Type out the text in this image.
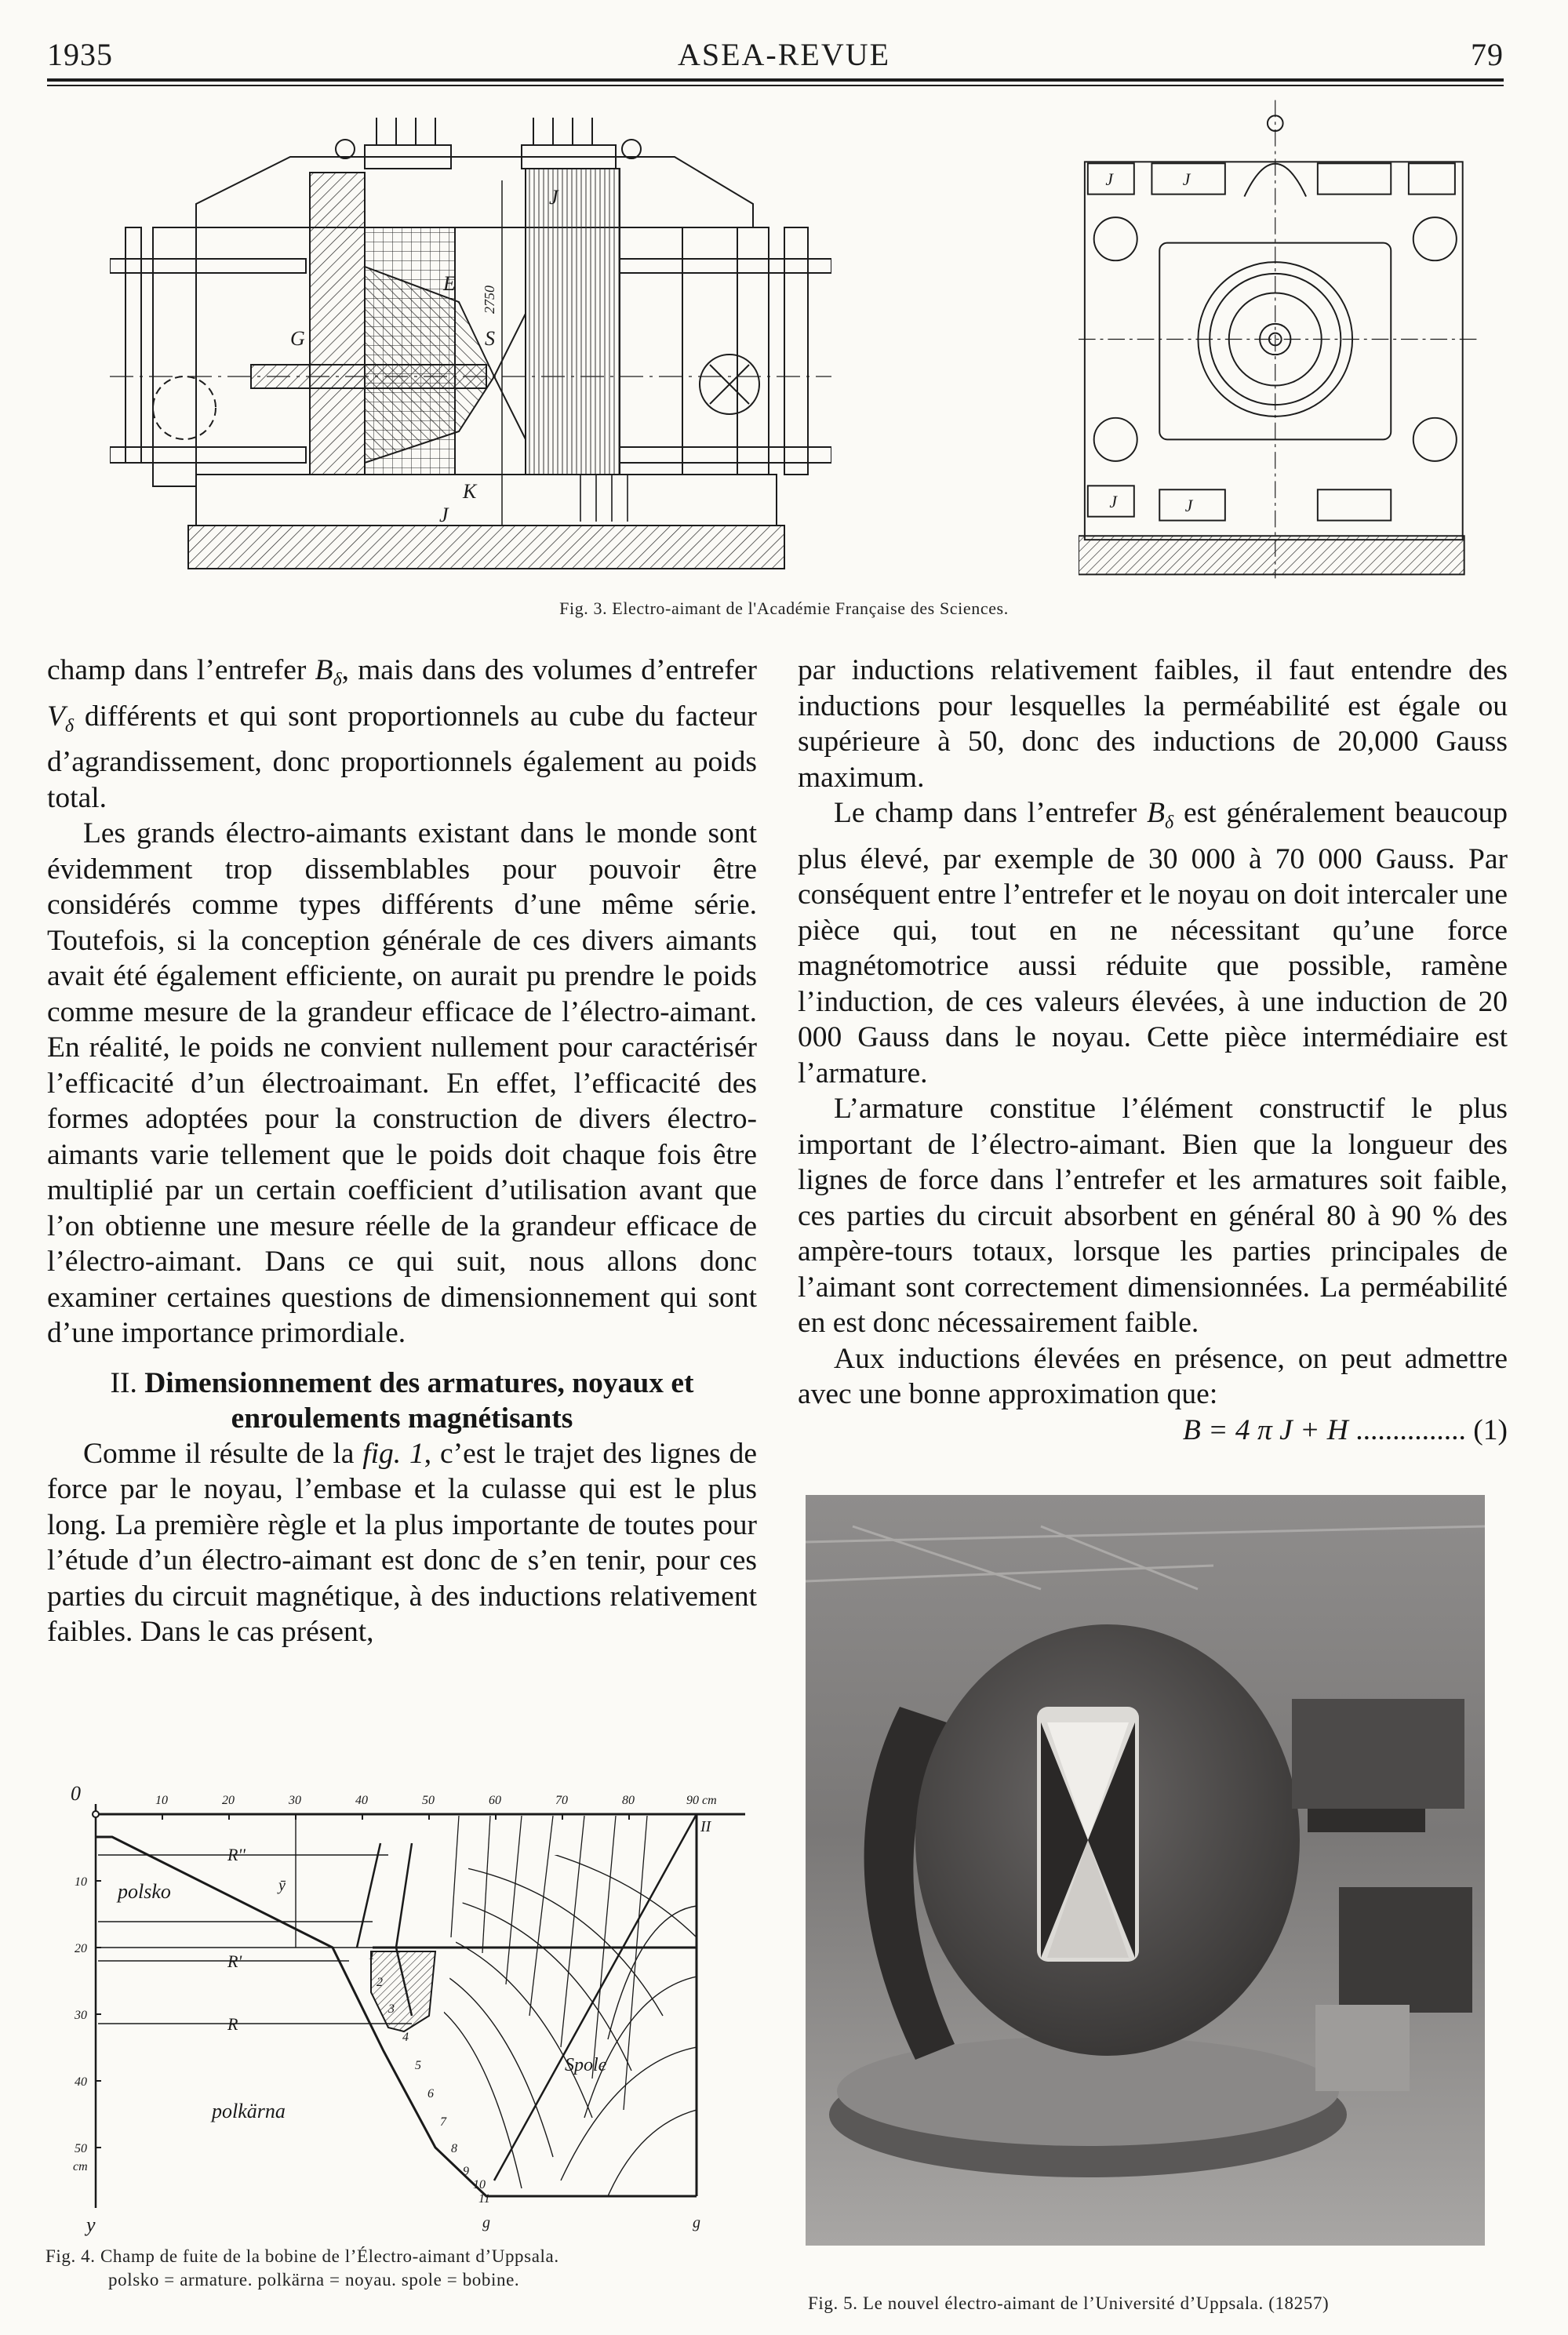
1935	ASEA-REVUE	79
J
E
G	S
K
J
2750
J	J
J	J
Fig. 3. Electro-aimant de l'Académie Française des Sciences.

champ dans l’entrefer $B_\delta$, mais dans des volumes d’entrefer $V_\delta$ différents et qui sont proportionnels au cube du facteur d’agrandissement, donc proportionnels également au poids total.

Les grands électro-aimants existant dans le monde sont évidemment trop dissemblables pour pouvoir être considérés comme types différents d’une même série. Toutefois, si la conception générale de ces divers aimants avait été également efficiente, on aurait pu prendre le poids comme mesure de la grandeur efficace de l’électro-aimant. En réalité, le poids ne convient nullement pour caractérisér l’efficacité d’un électroaimant. En effet, l’efficacité des formes adoptées pour la construction de divers électro-aimants varie tellement que le poids doit chaque fois être multiplié par un certain coefficient d’utilisation avant que l’on obtienne une mesure réelle de la grandeur efficace de l’électro-aimant. Dans ce qui suit, nous allons donc examiner certaines questions de dimensionnement qui sont d’une importance primordiale.

II. Dimensionnement des armatures, noyaux et enroulements magnétisants

Comme il résulte de la fig. 1, c’est le trajet des lignes de force par le noyau, l’embase et la culasse qui est le plus long. La première règle et la plus importante de toutes pour l’étude d’un électro-aimant est donc de s’en tenir, pour ces parties du circuit magnétique, à des inductions relativement faibles. Dans le cas présent,

par inductions relativement faibles, il faut entendre des inductions pour lesquelles la perméabilité est égale ou supérieure à 50, donc des inductions de 20,000 Gauss maximum.

Le champ dans l’entrefer $B_\delta$ est généralement beaucoup plus élevé, par exemple de 30 000 à 70 000 Gauss. Par conséquent entre l’entrefer et le noyau on doit intercaler une pièce qui, tout en ne nécessitant qu’une force magnétomotrice aussi réduite que possible, ramène l’induction, de ces valeurs élevées, à une induction de 20 000 Gauss dans le noyau. Cette pièce intermédiaire est l’armature.

L’armature constitue l’élément constructif le plus important de l’électro-aimant. Bien que la longueur des lignes de force dans l’entrefer et les armatures soit faible, ces parties du circuit absorbent en général 80 à 90 % des ampère-tours totaux, lorsque les parties principales de l’aimant sont correctement dimensionnées. La perméabilité en est donc nécessairement faible.

Aux inductions élevées en présence, on peut admettre avec une bonne approximation que:

B = 4 π J + H ............... (1)

0	10	20	30	40	50	60	70	80	90 cm
10
20
30
40
50
cm
y
polsko
polkärna
Spole
R''
R'
R
ȳ
II
g	g
1
2
3
4
5
6
7
8
9
10
11
Fig. 4. Champ de fuite de la bobine de l’Électro-aimant d’Uppsala.
polsko = armature. polkärna = noyau. spole = bobine.
Fig. 5. Le nouvel électro-aimant de l’Université d’Uppsala. (18257)
